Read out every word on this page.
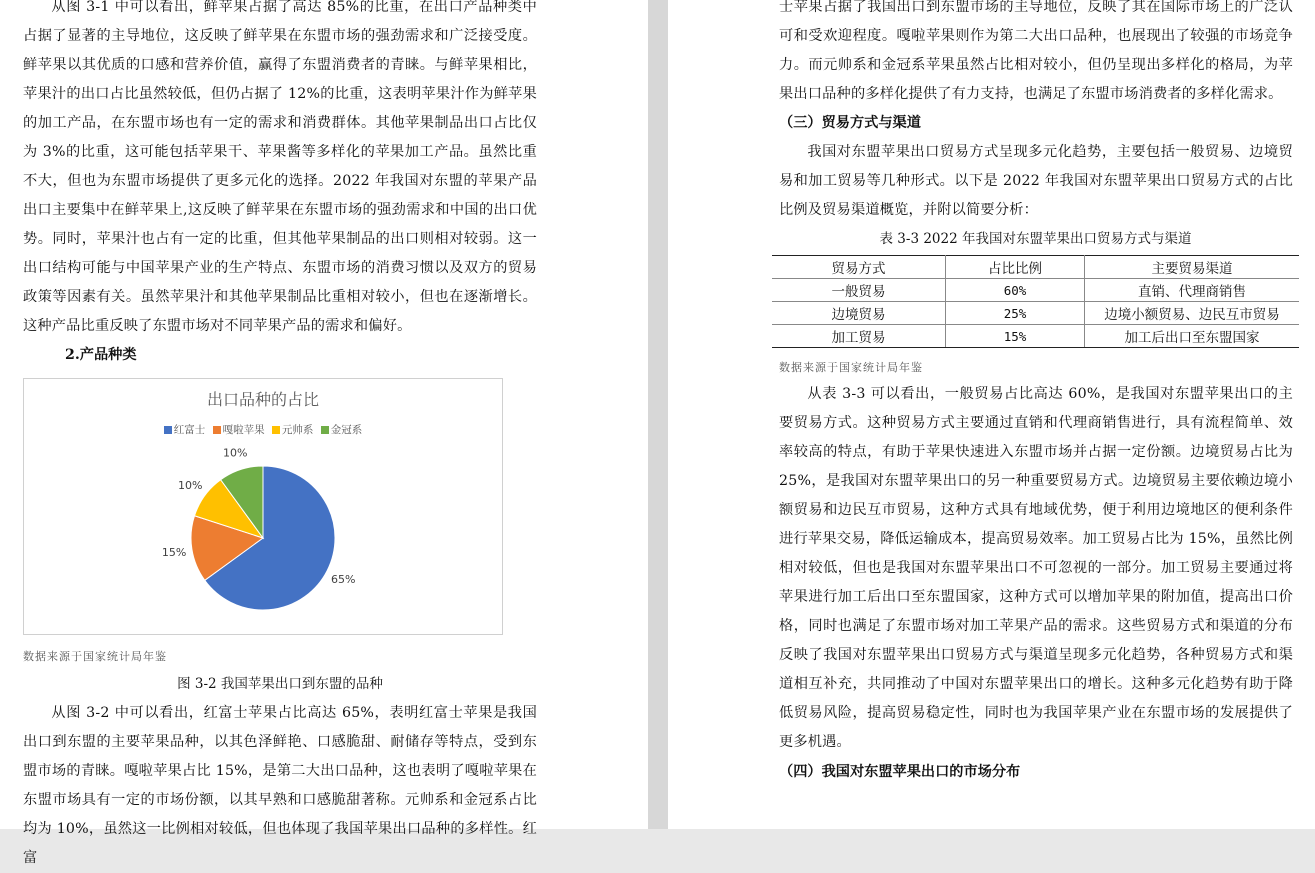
从图 3-1 中可以看出，鲜苹果占据了高达 85%的比重，在出口产品种类中占据了显著的主导地位，这反映了鲜苹果在东盟市场的强劲需求和广泛接受度。鲜苹果以其优质的口感和营养价值，赢得了东盟消费者的青睐。与鲜苹果相比，苹果汁的出口占比虽然较低，但仍占据了 12%的比重，这表明苹果汁作为鲜苹果的加工产品，在东盟市场也有一定的需求和消费群体。其他苹果制品出口占比仅为 3%的比重，这可能包括苹果干、苹果酱等多样化的苹果加工产品。虽然比重不大，但也为东盟市场提供了更多元化的选择。2022 年我国对东盟的苹果产品出口主要集中在鲜苹果上,这反映了鲜苹果在东盟市场的强劲需求和中国的出口优势。同时，苹果汁也占有一定的比重，但其他苹果制品的出口则相对较弱。这一出口结构可能与中国苹果产业的生产特点、东盟市场的消费习惯以及双方的贸易政策等因素有关。虽然苹果汁和其他苹果制品比重相对较小，但也在逐渐增长。这种产品比重反映了东盟市场对不同苹果产品的需求和偏好。

2.产品种类
出口品种的占比
65%
15%
10%
10%
红富士 嘎啦苹果 元帅系 金冠系
数据来源于国家统计局年鉴
图 3-2 我国苹果出口到东盟的品种

从图 3-2 中可以看出，红富士苹果占比高达 65%，表明红富士苹果是我国出口到东盟的主要苹果品种，以其色泽鲜艳、口感脆甜、耐储存等特点，受到东盟市场的青睐。嘎啦苹果占比 15%，是第二大出口品种，这也表明了嘎啦苹果在东盟市场具有一定的市场份额，以其早熟和口感脆甜著称。元帅系和金冠系占比均为 10%，虽然这一比例相对较低，但也体现了我国苹果出口品种的多样性。红富

士苹果占据了我国出口到东盟市场的主导地位，反映了其在国际市场上的广泛认可和受欢迎程度。嘎啦苹果则作为第二大出口品种，也展现出了较强的市场竞争力。而元帅系和金冠系苹果虽然占比相对较小，但仍呈现出多样化的格局，为苹果出口品种的多样化提供了有力支持，也满足了东盟市场消费者的多样化需求。

（三）贸易方式与渠道

我国对东盟苹果出口贸易方式呈现多元化趋势，主要包括一般贸易、边境贸易和加工贸易等几种形式。以下是 2022 年我国对东盟苹果出口贸易方式的占比比例及贸易渠道概览，并附以简要分析：

表 3-3 2022 年我国对东盟苹果出口贸易方式与渠道
贸易方式	占比比例	主要贸易渠道
一般贸易	60%	直销、代理商销售
边境贸易	25%	边境小额贸易、边民互市贸易
加工贸易	15%	加工后出口至东盟国家
数据来源于国家统计局年鉴

从表 3-3 可以看出，一般贸易占比高达 60%，是我国对东盟苹果出口的主要贸易方式。这种贸易方式主要通过直销和代理商销售进行，具有流程简单、效率较高的特点，有助于苹果快速进入东盟市场并占据一定份额。边境贸易占比为 25%，是我国对东盟苹果出口的另一种重要贸易方式。边境贸易主要依赖边境小额贸易和边民互市贸易，这种方式具有地域优势，便于利用边境地区的便利条件进行苹果交易，降低运输成本，提高贸易效率。加工贸易占比为 15%，虽然比例相对较低，但也是我国对东盟苹果出口不可忽视的一部分。加工贸易主要通过将苹果进行加工后出口至东盟国家，这种方式可以增加苹果的附加值，提高出口价格，同时也满足了东盟市场对加工苹果产品的需求。这些贸易方式和渠道的分布反映了我国对东盟苹果出口贸易方式与渠道呈现多元化趋势，各种贸易方式和渠道相互补充，共同推动了中国对东盟苹果出口的增长。这种多元化趋势有助于降低贸易风险，提高贸易稳定性，同时也为我国苹果产业在东盟市场的发展提供了更多机遇。

（四）我国对东盟苹果出口的市场分布
